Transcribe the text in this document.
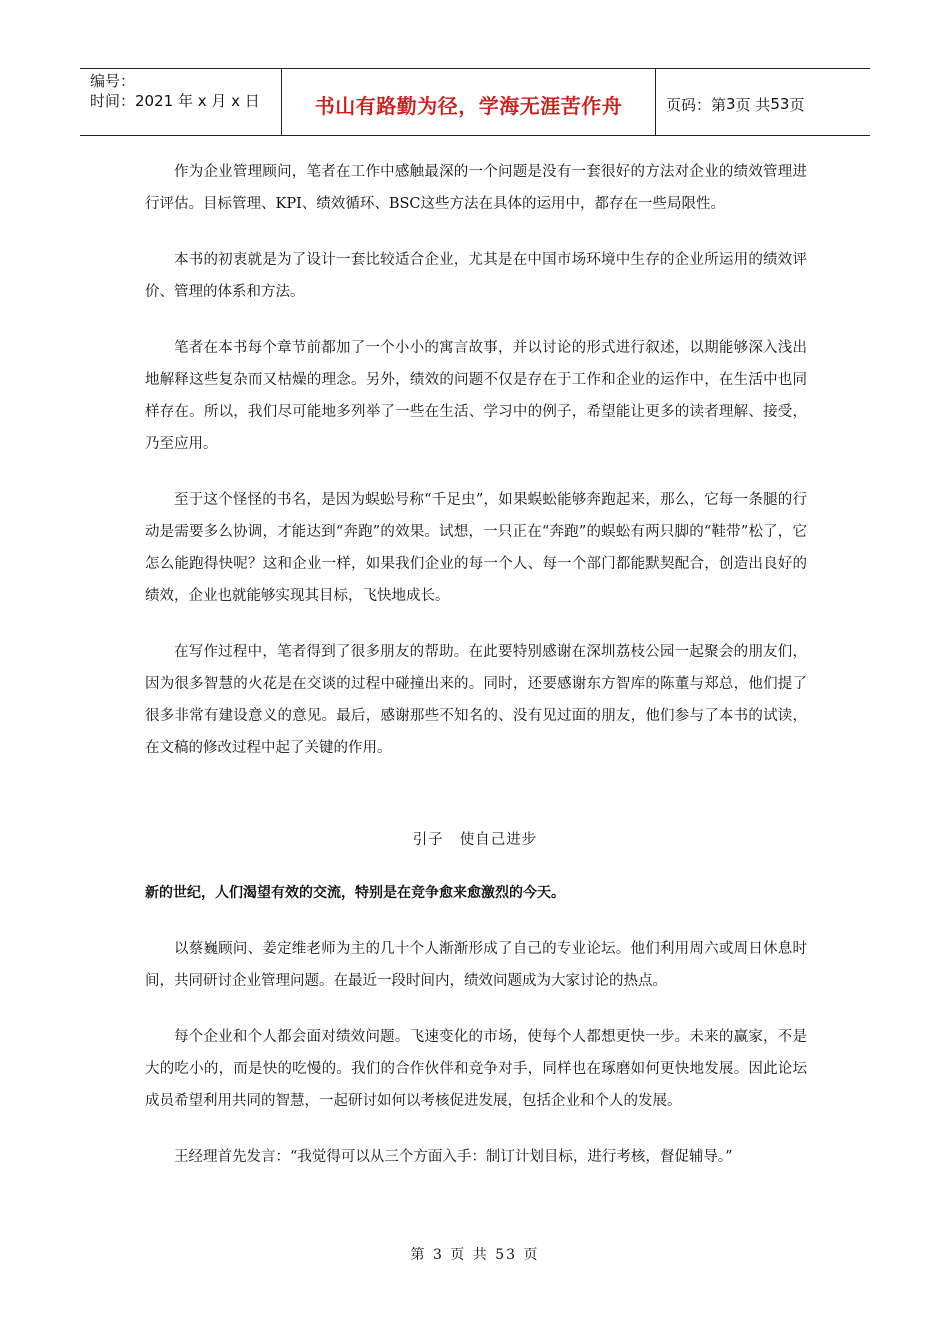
编号：
时间：2021 年 x 月 x 日	书山有路勤为径，学海无涯苦作舟	页码：第 3 页 共 53 页

作为企业管理顾问，笔者在工作中感触最深的一个问题是没有一套很好的方法对企业的绩效管理进行评估。目标管理、KPI、绩效循环、BSC这些方法在具体的运用中，都存在一些局限性。

本书的初衷就是为了设计一套比较适合企业，尤其是在中国市场环境中生存的企业所运用的绩效评价、管理的体系和方法。

笔者在本书每个章节前都加了一个小小的寓言故事，并以讨论的形式进行叙述，以期能够深入浅出地解释这些复杂而又枯燥的理念。另外，绩效的问题不仅是存在于工作和企业的运作中，在生活中也同样存在。所以，我们尽可能地多列举了一些在生活、学习中的例子，希望能让更多的读者理解、接受，乃至应用。

至于这个怪怪的书名，是因为蜈蚣号称“千足虫”，如果蜈蚣能够奔跑起来，那么，它每一条腿的行动是需要多么协调，才能达到“奔跑”的效果。试想，一只正在“奔跑”的蜈蚣有两只脚的“鞋带”松了，它怎么能跑得快呢？这和企业一样，如果我们企业的每一个人、每一个部门都能默契配合，创造出良好的绩效，企业也就能够实现其目标，飞快地成长。

在写作过程中，笔者得到了很多朋友的帮助。在此要特别感谢在深圳荔枝公园一起聚会的朋友们，因为很多智慧的火花是在交谈的过程中碰撞出来的。同时，还要感谢东方智库的陈董与郑总，他们提了很多非常有建设意义的意见。最后，感谢那些不知名的、没有见过面的朋友，他们参与了本书的试读，在文稿的修改过程中起了关键的作用。

引子 使自己进步
新的世纪，人们渴望有效的交流，特别是在竞争愈来愈激烈的今天。

以蔡巍顾问、姜定维老师为主的几十个人渐渐形成了自己的专业论坛。他们利用周六或周日休息时间，共同研讨企业管理问题。在最近一段时间内，绩效问题成为大家讨论的热点。

每个企业和个人都会面对绩效问题。飞速变化的市场，使每个人都想更快一步。未来的赢家，不是大的吃小的，而是快的吃慢的。我们的合作伙伴和竞争对手，同样也在琢磨如何更快地发展。因此论坛成员希望利用共同的智慧，一起研讨如何以考核促进发展，包括企业和个人的发展。

王经理首先发言：“我觉得可以从三个方面入手：制订计划目标，进行考核，督促辅导。”

第 3 页 共 53 页
